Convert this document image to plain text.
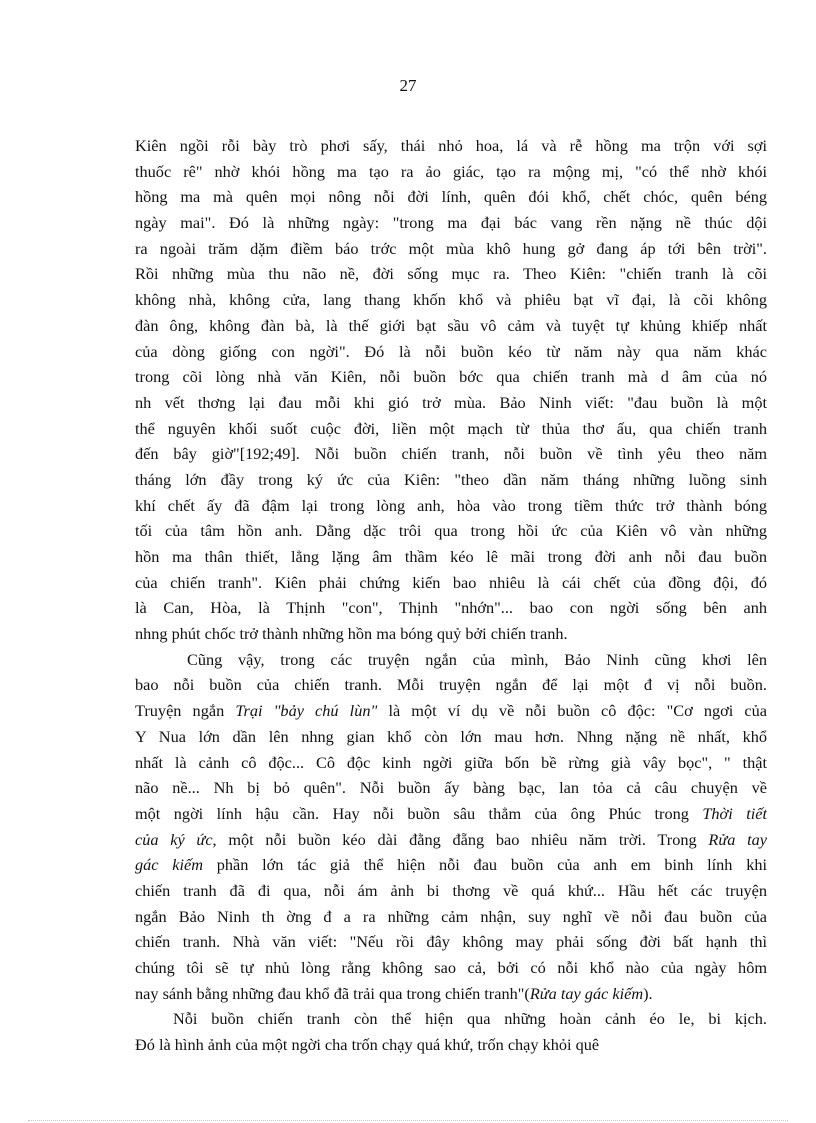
27
Kiên ngồi rỗi bày trò phơi sấy, thái nhỏ hoa, lá và rễ hồng ma trộn với sợi
thuốc rê" nhờ khói hồng ma tạo ra ảo giác, tạo ra mộng mị, "có thể nhờ khói
hồng ma mà quên mọi nông nỗi đời lính, quên đói khổ, chết chóc, quên béng
ngày mai". Đó là những ngày: "trong ma đại bác vang rền nặng nề thúc dội
ra ngoài trăm dặm điềm báo trớc một mùa khô hung gở đang áp tới bên trời".
Rồi những mùa thu não nề, đời sống mục ra. Theo Kiên: "chiến tranh là cõi
không nhà, không cửa, lang thang khốn khổ và phiêu bạt vĩ đại, là cõi không
đàn ông, không đàn bà, là thế giới bạt sầu vô cảm và tuyệt tự khủng khiếp nhất
của dòng giống con ngời". Đó là nỗi buồn kéo từ năm này qua năm khác
trong cõi lòng nhà văn Kiên, nỗi buồn bớc qua chiến tranh mà d âm của nó
nh vết thơng lại đau mỗi khi gió trở mùa. Bảo Ninh viết: "đau buồn là một
thể nguyên khối suốt cuộc đời, liền một mạch từ thủa thơ ấu, qua chiến tranh
đến bây giờ"[192;49]. Nỗi buồn chiến tranh, nỗi buồn về tình yêu theo năm
tháng lớn đầy trong ký ức của Kiên: "theo dần năm tháng những luồng sinh
khí chết ấy đã đậm lại trong lòng anh, hòa vào trong tiềm thức trở thành bóng
tối của tâm hồn anh. Dằng dặc trôi qua trong hồi ức của Kiên vô vàn những
hồn ma thân thiết, lẳng lặng âm thầm kéo lê mãi trong đời anh nỗi đau buồn
của chiến tranh". Kiên phải chứng kiến bao nhiêu là cái chết của đồng đội, đó
là Can, Hòa, là Thịnh "con", Thịnh "nhớn"... bao con ngời sống bên anh
nhng phút chốc trở thành những hồn ma bóng quỷ bởi chiến tranh.
Cũng vậy, trong các truyện ngắn của mình, Bảo Ninh cũng khơi lên
bao nỗi buồn của chiến tranh. Mỗi truyện ngắn để lại một đ vị nỗi buồn.
Truyện ngắn Trại "bảy chú lùn" là một ví dụ về nỗi buồn cô độc: "Cơ ngơi của
Y Nua lớn dần lên nhng gian khổ còn lớn mau hơn. Nhng nặng nề nhất, khổ
nhất là cảnh cô độc... Cô độc kinh ngời giữa bốn bề rừng già vây bọc", " thật
não nề... Nh bị bỏ quên". Nỗi buồn ấy bàng bạc, lan tỏa cả câu chuyện về
một ngời lính hậu cần. Hay nỗi buồn sâu thẳm của ông Phúc trong Thời tiết
của ký ức, một nỗi buồn kéo dài đằng đẵng bao nhiêu năm trời. Trong Rửa tay
gác kiếm phần lớn tác giả thể hiện nỗi đau buồn của anh em binh lính khi
chiến tranh đã đi qua, nỗi ám ảnh bi thơng về quá khứ... Hầu hết các truyện
ngắn Bảo Ninh th ờng đ a ra những cảm nhận, suy nghĩ về nỗi đau buồn của
chiến tranh. Nhà văn viết: "Nếu rồi đây không may phải sống đời bất hạnh thì
chúng tôi sẽ tự nhủ lòng rằng không sao cả, bởi có nỗi khổ nào của ngày hôm
nay sánh bằng những đau khổ đã trải qua trong chiến tranh"(Rửa tay gác kiếm).
Nỗi buồn chiến tranh còn thể hiện qua những hoàn cảnh éo le, bi kịch.
Đó là hình ảnh của một ngời cha trốn chạy quá khứ, trốn chạy khỏi quê
